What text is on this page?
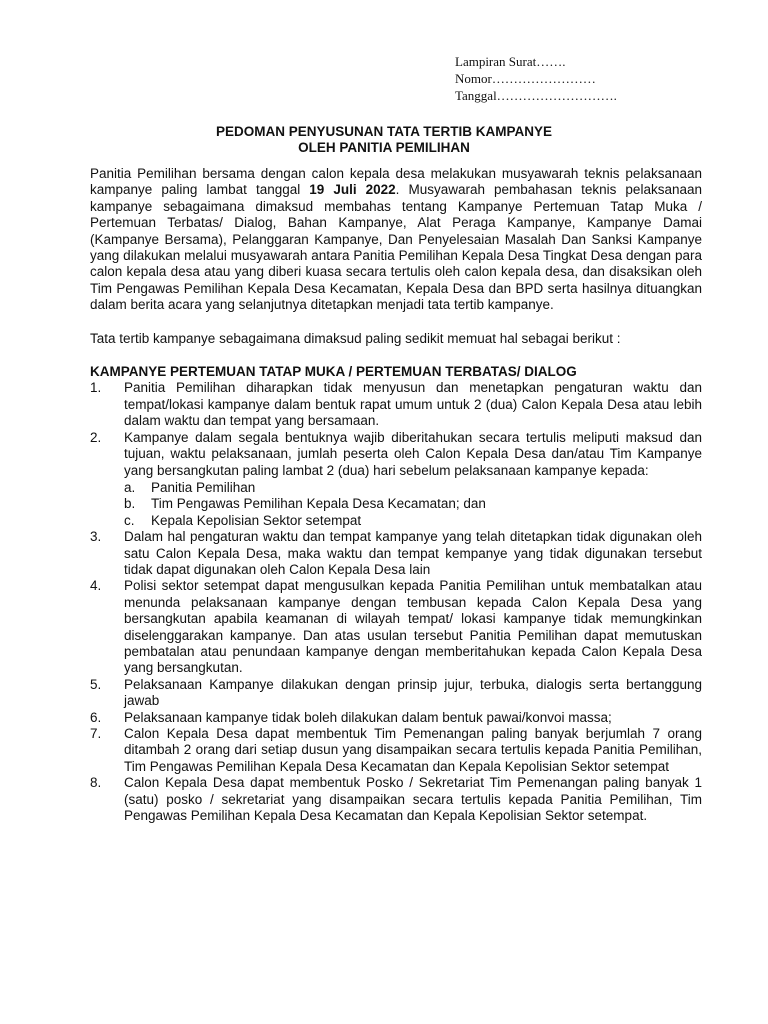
Lampiran Surat…….
Nomor……………………
Tanggal……………………….
PEDOMAN PENYUSUNAN TATA TERTIB KAMPANYE
OLEH PANITIA PEMILIHAN

Panitia Pemilihan bersama dengan calon kepala desa melakukan musyawarah teknis pelaksanaan kampanye paling lambat tanggal 19 Juli 2022. Musyawarah pembahasan teknis pelaksanaan kampanye sebagaimana dimaksud membahas tentang Kampanye Pertemuan Tatap Muka / Pertemuan Terbatas/ Dialog, Bahan Kampanye, Alat Peraga Kampanye, Kampanye Damai (Kampanye Bersama), Pelanggaran Kampanye, Dan Penyelesaian Masalah Dan Sanksi Kampanye yang dilakukan melalui musyawarah antara Panitia Pemilihan Kepala Desa Tingkat Desa dengan para calon kepala desa atau yang diberi kuasa secara tertulis oleh calon kepala desa, dan disaksikan oleh Tim Pengawas Pemilihan Kepala Desa Kecamatan, Kepala Desa dan BPD serta hasilnya dituangkan dalam berita acara yang selanjutnya ditetapkan menjadi tata tertib kampanye.

Tata tertib kampanye sebagaimana dimaksud paling sedikit memuat hal sebagai berikut :

KAMPANYE PERTEMUAN TATAP MUKA / PERTEMUAN TERBATAS/ DIALOG

1. Panitia Pemilihan diharapkan tidak menyusun dan menetapkan pengaturan waktu dan tempat/lokasi kampanye dalam bentuk rapat umum untuk 2 (dua) Calon Kepala Desa atau lebih dalam waktu dan tempat yang bersamaan.
2. Kampanye dalam segala bentuknya wajib diberitahukan secara tertulis meliputi maksud dan tujuan, waktu pelaksanaan, jumlah peserta oleh Calon Kepala Desa dan/atau Tim Kampanye yang bersangkutan paling lambat 2 (dua) hari sebelum pelaksanaan kampanye kepada:
a. Panitia Pemilihan
b. Tim Pengawas Pemilihan Kepala Desa Kecamatan; dan
c. Kepala Kepolisian Sektor setempat
3. Dalam hal pengaturan waktu dan tempat kampanye yang telah ditetapkan tidak digunakan oleh satu Calon Kepala Desa, maka waktu dan tempat kempanye yang tidak digunakan tersebut tidak dapat digunakan oleh Calon Kepala Desa lain
4. Polisi sektor setempat dapat mengusulkan kepada Panitia Pemilihan untuk membatalkan atau menunda pelaksanaan kampanye dengan tembusan kepada Calon Kepala Desa yang bersangkutan apabila keamanan di wilayah tempat/ lokasi kampanye tidak memungkinkan diselenggarakan kampanye. Dan atas usulan tersebut Panitia Pemilihan dapat memutuskan pembatalan atau penundaan kampanye dengan memberitahukan kepada Calon Kepala Desa yang bersangkutan.
5. Pelaksanaan Kampanye dilakukan dengan prinsip jujur, terbuka, dialogis serta bertanggung jawab
6. Pelaksanaan kampanye tidak boleh dilakukan dalam bentuk pawai/konvoi massa;
7. Calon Kepala Desa dapat membentuk Tim Pemenangan paling banyak berjumlah 7 orang ditambah 2 orang dari setiap dusun yang disampaikan secara tertulis kepada Panitia Pemilihan, Tim Pengawas Pemilihan Kepala Desa Kecamatan dan Kepala Kepolisian Sektor setempat
8. Calon Kepala Desa dapat membentuk Posko / Sekretariat Tim Pemenangan paling banyak 1 (satu) posko / sekretariat yang disampaikan secara tertulis kepada Panitia Pemilihan, Tim Pengawas Pemilihan Kepala Desa Kecamatan dan Kepala Kepolisian Sektor setempat.
